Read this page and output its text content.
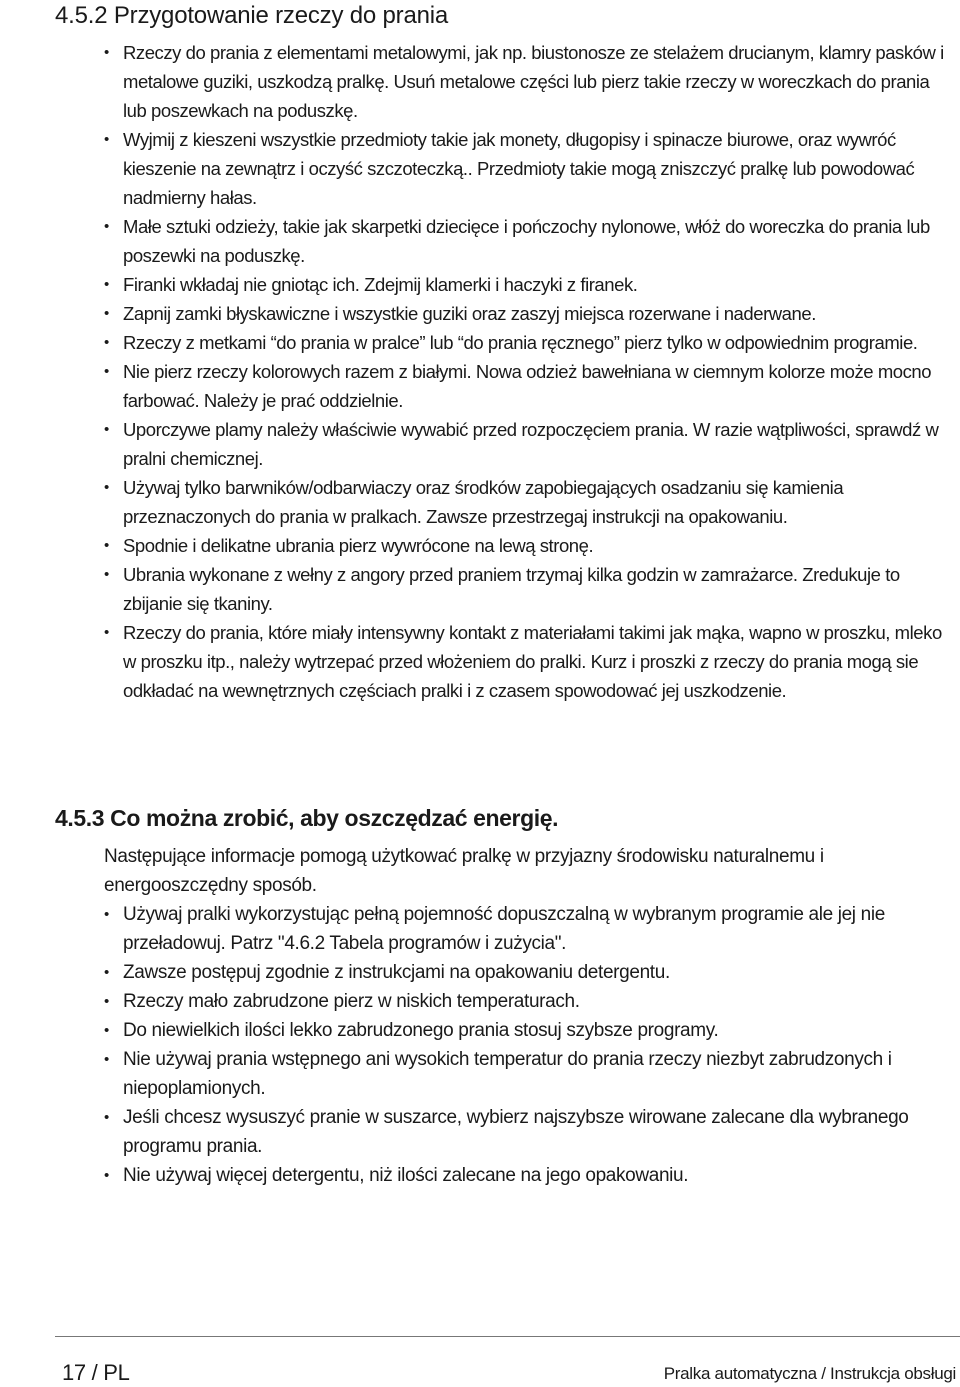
4.5.2 Przygotowanie rzeczy do prania
• Rzeczy do prania z elementami metalowymi, jak np. biustonosze ze stelażem drucianym, klamry pasków i metalowe guziki, uszkodzą pralkę. Usuń metalowe części lub pierz takie rzeczy w woreczkach do prania lub poszewkach na poduszkę.
• Wyjmij z kieszeni wszystkie przedmioty takie jak monety, długopisy i spinacze biurowe, oraz wywróć kieszenie na zewnątrz i oczyść szczoteczką.. Przedmioty takie mogą zniszczyć pralkę lub powodować nadmierny hałas.
• Małe sztuki odzieży, takie jak skarpetki dziecięce i pończochy nylonowe, włóż do woreczka do prania lub poszewki na poduszkę.
• Firanki wkładaj nie gniotąc ich. Zdejmij klamerki i haczyki z firanek.
• Zapnij zamki błyskawiczne i wszystkie guziki oraz zaszyj miejsca rozerwane i naderwane.
• Rzeczy z metkami “do prania w pralce” lub “do prania ręcznego” pierz tylko w odpowiednim programie.
• Nie pierz rzeczy kolorowych razem z białymi. Nowa odzież bawełniana w ciemnym kolorze może mocno farbować. Należy je prać oddzielnie.
• Uporczywe plamy należy właściwie wywabić przed rozpoczęciem prania. W razie wątpliwości, sprawdź w pralni chemicznej.
• Używaj tylko barwników/odbarwiaczy oraz środków zapobiegających osadzaniu się kamienia przeznaczonych do prania w pralkach. Zawsze przestrzegaj instrukcji na opakowaniu.
• Spodnie i delikatne ubrania pierz wywrócone na lewą stronę.
• Ubrania wykonane z wełny z angory przed praniem trzymaj kilka godzin w zamrażarce. Zredukuje to zbijanie się tkaniny.
• Rzeczy do prania, które miały intensywny kontakt z materiałami takimi jak mąka, wapno w proszku, mleko w proszku itp., należy wytrzepać przed włożeniem do pralki. Kurz i proszki z rzeczy do prania mogą sie odkładać na wewnętrznych częściach pralki i z czasem spowodować jej uszkodzenie.
4.5.3 Co można zrobić, aby oszczędzać energię.

Następujące informacje pomogą użytkować pralkę w przyjazny środowisku naturalnemu i energooszczędny sposób.

• Używaj pralki wykorzystując pełną pojemność dopuszczalną w wybranym programie ale jej nie przeładowuj. Patrz "4.6.2 Tabela programów i zużycia".
• Zawsze postępuj zgodnie z instrukcjami na opakowaniu detergentu.
• Rzeczy mało zabrudzone pierz w niskich temperaturach.
• Do niewielkich ilości lekko zabrudzonego prania stosuj szybsze programy.
• Nie używaj prania wstępnego ani wysokich temperatur do prania rzeczy niezbyt zabrudzonych i niepoplamionych.
• Jeśli chcesz wysuszyć pranie w suszarce, wybierz najszybsze wirowane zalecane dla wybranego programu prania.
• Nie używaj więcej detergentu, niż ilości zalecane na jego opakowaniu.
17 / PL	Pralka automatyczna / Instrukcja obsługi
